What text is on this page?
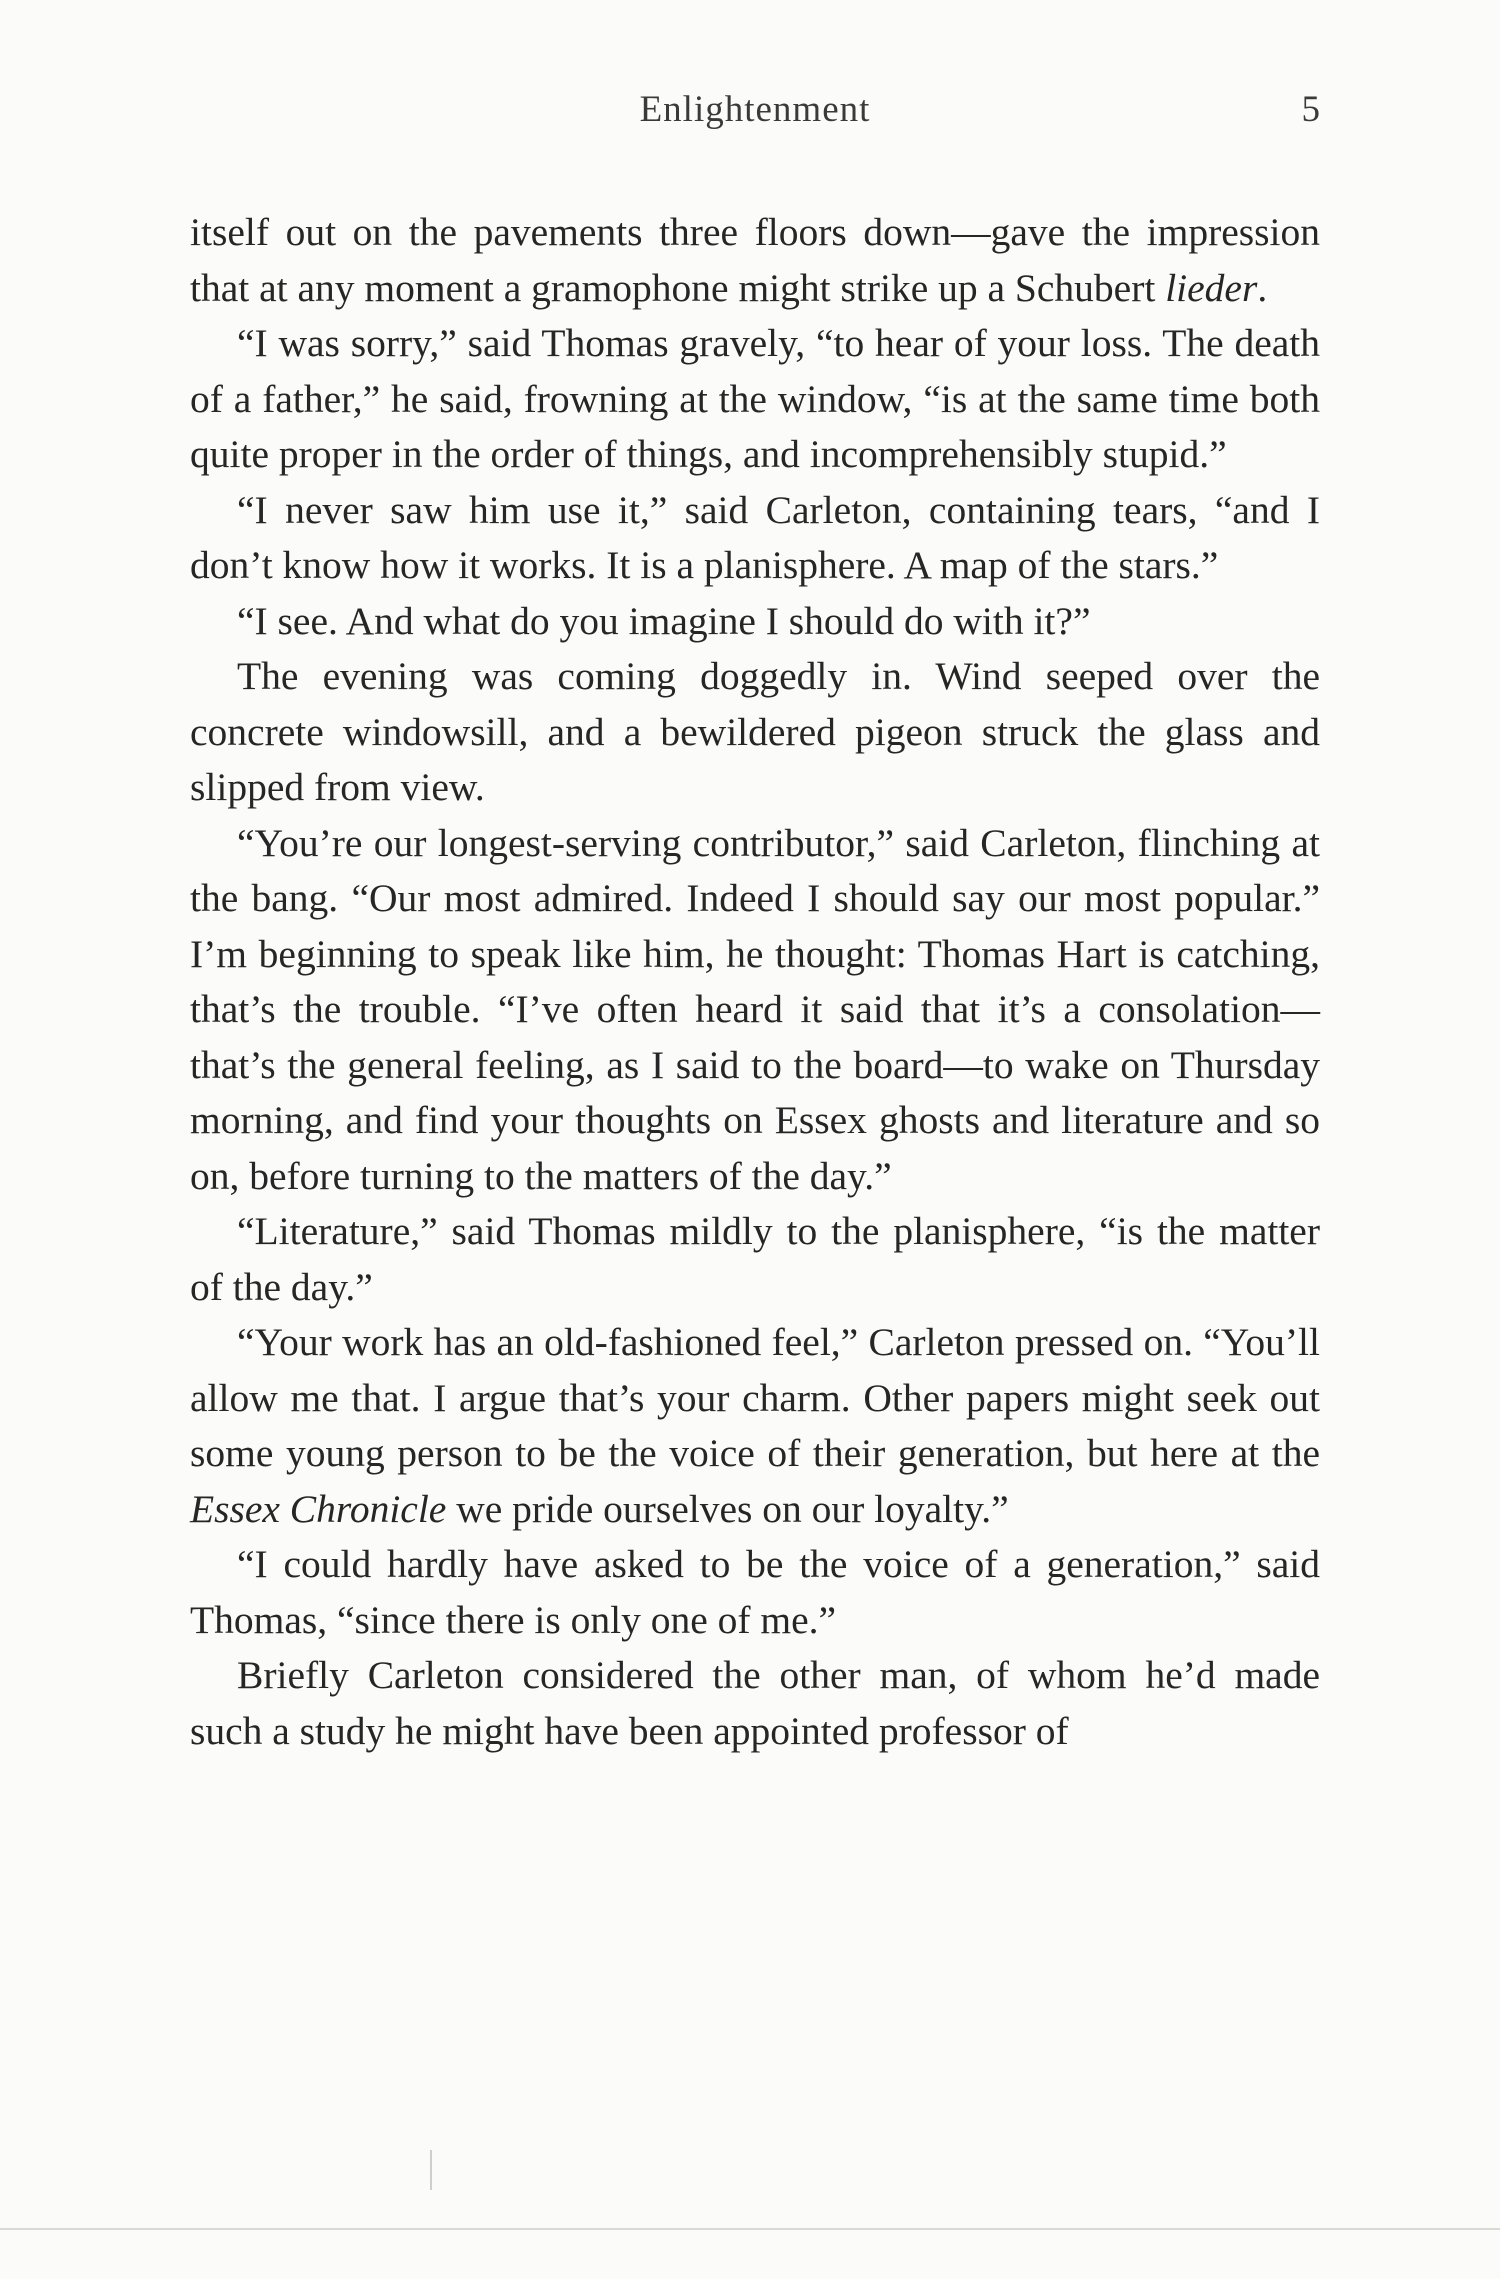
Enlightenment	5

itself out on the pavements three floors down—gave the impression that at any moment a gramophone might strike up a Schubert lieder.

“I was sorry,” said Thomas gravely, “to hear of your loss. The death of a father,” he said, frowning at the window, “is at the same time both quite proper in the order of things, and incomprehensibly stupid.”

“I never saw him use it,” said Carleton, containing tears, “and I don’t know how it works. It is a planisphere. A map of the stars.”

“I see. And what do you imagine I should do with it?”

The evening was coming doggedly in. Wind seeped over the concrete windowsill, and a bewildered pigeon struck the glass and slipped from view.

“You’re our longest-serving contributor,” said Carleton, flinching at the bang. “Our most admired. Indeed I should say our most popular.” I’m beginning to speak like him, he thought: Thomas Hart is catching, that’s the trouble. “I’ve often heard it said that it’s a consolation—that’s the general feeling, as I said to the board—to wake on Thursday morning, and find your thoughts on Essex ghosts and literature and so on, before turning to the matters of the day.”

“Literature,” said Thomas mildly to the planisphere, “is the matter of the day.”

“Your work has an old-fashioned feel,” Carleton pressed on. “You’ll allow me that. I argue that’s your charm. Other papers might seek out some young person to be the voice of their generation, but here at the Essex Chronicle we pride ourselves on our loyalty.”

“I could hardly have asked to be the voice of a generation,” said Thomas, “since there is only one of me.”

Briefly Carleton considered the other man, of whom he’d made such a study he might have been appointed professor of
